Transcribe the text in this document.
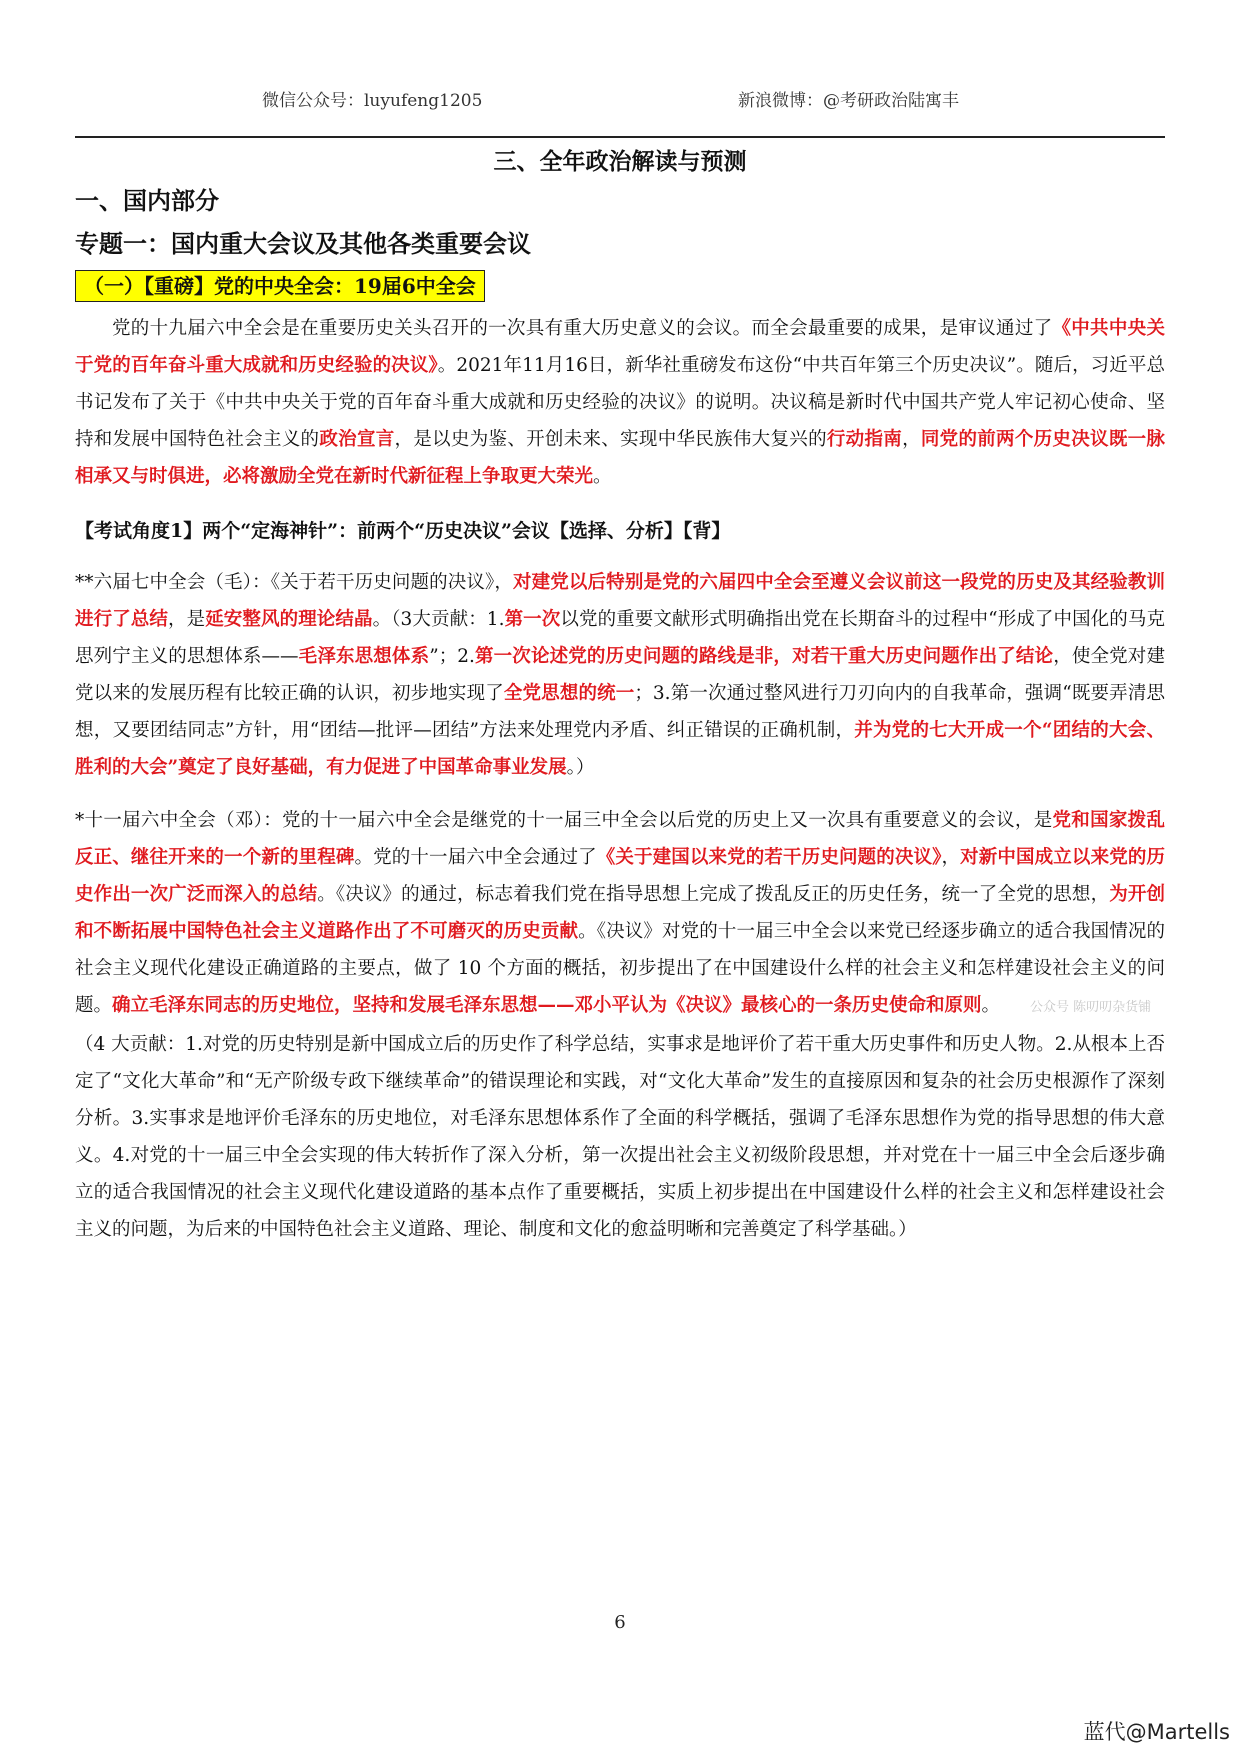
微信公众号：luyufeng1205	新浪微博：@考研政治陆寓丰
三、全年政治解读与预测
一、国内部分
专题一：国内重大会议及其他各类重要会议
（一）【重磅】党的中央全会：19届6中全会

党的十九届六中全会是在重要历史关头召开的一次具有重大历史意义的会议。而全会最重要的成果，是审议通过了《中共中央关于党的百年奋斗重大成就和历史经验的决议》。2021年11月16日，新华社重磅发布这份“中共百年第三个历史决议”。随后，习近平总书记发布了关于《中共中央关于党的百年奋斗重大成就和历史经验的决议》的说明。决议稿是新时代中国共产党人牢记初心使命、坚持和发展中国特色社会主义的政治宣言，是以史为鉴、开创未来、实现中华民族伟大复兴的行动指南，同党的前两个历史决议既一脉相承又与时俱进，必将激励全党在新时代新征程上争取更大荣光。

【考试角度1】两个“定海神针”：前两个“历史决议”会议【选择、分析】【背】

**六届七中全会（毛）：《关于若干历史问题的决议》，对建党以后特别是党的六届四中全会至遵义会议前这一段党的历史及其经验教训进行了总结，是延安整风的理论结晶。（3大贡献：1.第一次以党的重要文献形式明确指出党在长期奋斗的过程中“形成了中国化的马克思列宁主义的思想体系——毛泽东思想体系”；2.第一次论述党的历史问题的路线是非，对若干重大历史问题作出了结论，使全党对建党以来的发展历程有比较正确的认识，初步地实现了全党思想的统一；3.第一次通过整风进行刀刃向内的自我革命，强调“既要弄清思想，又要团结同志”方针，用“团结—批评—团结”方法来处理党内矛盾、纠正错误的正确机制，并为党的七大开成一个“团结的大会、胜利的大会”奠定了良好基础，有力促进了中国革命事业发展。）

*十一届六中全会（邓）：党的十一届六中全会是继党的十一届三中全会以后党的历史上又一次具有重要意义的会议，是党和国家拨乱反正、继往开来的一个新的里程碑。党的十一届六中全会通过了《关于建国以来党的若干历史问题的决议》，对新中国成立以来党的历史作出一次广泛而深入的总结。《决议》的通过，标志着我们党在指导思想上完成了拨乱反正的历史任务，统一了全党的思想，为开创和不断拓展中国特色社会主义道路作出了不可磨灭的历史贡献。《决议》对党的十一届三中全会以来党已经逐步确立的适合我国情况的社会主义现代化建设正确道路的主要点，做了 10 个方面的概括，初步提出了在中国建设什么样的社会主义和怎样建设社会主义的问题。确立毛泽东同志的历史地位，坚持和发展毛泽东思想——邓小平认为《决议》最核心的一条历史使命和原则。 公众号 陈叨叨杂货铺

（4 大贡献：1.对党的历史特别是新中国成立后的历史作了科学总结，实事求是地评价了若干重大历史事件和历史人物。2.从根本上否定了“文化大革命”和“无产阶级专政下继续革命”的错误理论和实践，对“文化大革命”发生的直接原因和复杂的社会历史根源作了深刻分析。3.实事求是地评价毛泽东的历史地位，对毛泽东思想体系作了全面的科学概括，强调了毛泽东思想作为党的指导思想的伟大意义。4.对党的十一届三中全会实现的伟大转折作了深入分析，第一次提出社会主义初级阶段思想，并对党在十一届三中全会后逐步确立的适合我国情况的社会主义现代化建设道路的基本点作了重要概括，实质上初步提出在中国建设什么样的社会主义和怎样建设社会主义的问题，为后来的中国特色社会主义道路、理论、制度和文化的愈益明晰和完善奠定了科学基础。）

6
蓝代@Martells
